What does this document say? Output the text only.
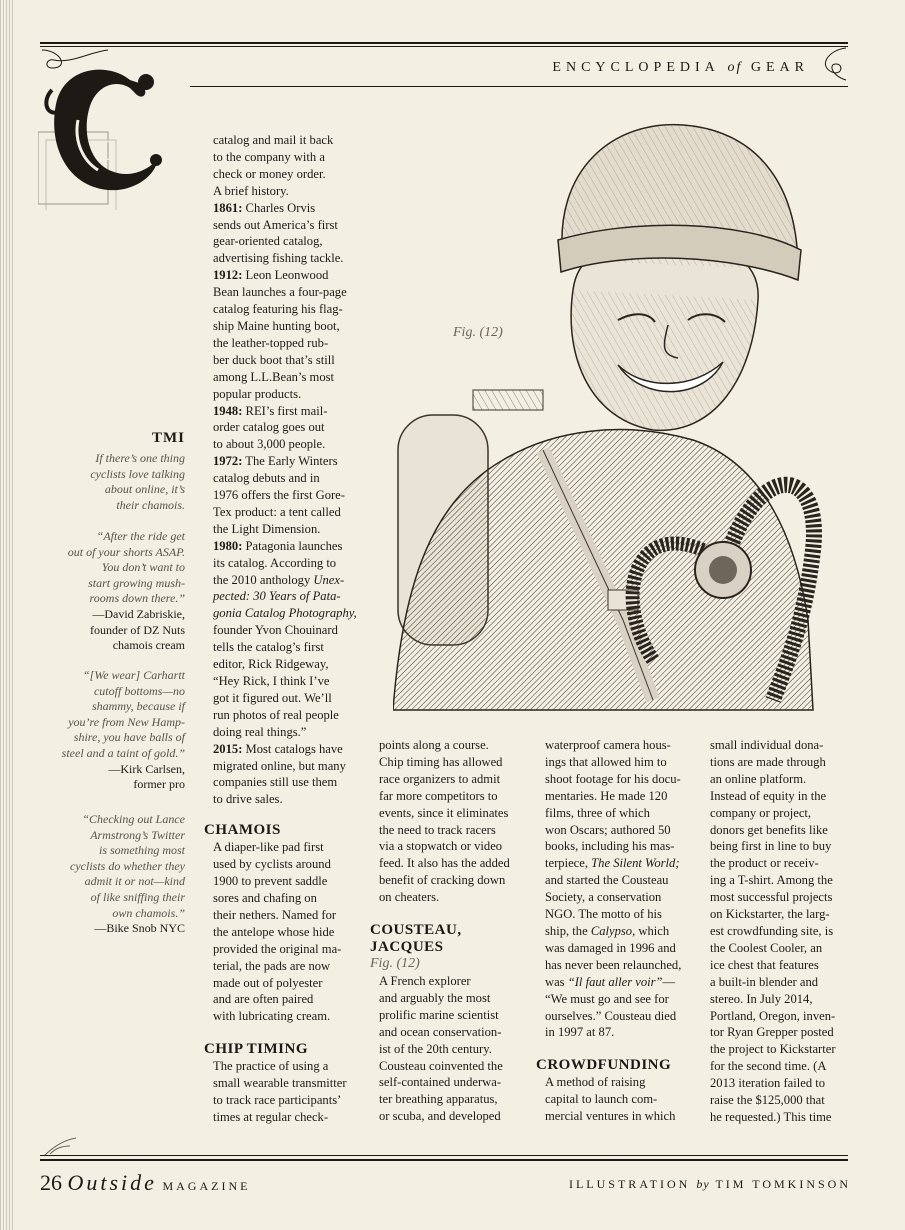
ENCYCLOPEDIA of GEAR
C
Fig. (12)
TMI

If there’s one thing

cyclists love talking

about online, it’s

their chamois.

“After the ride get

out of your shorts ASAP.

You don’t want to

start growing mush-

rooms down there.”

—David Zabriskie,

founder of DZ Nuts

chamois cream

“[We wear] Carhartt

cutoff bottoms—no

shammy, because if

you’re from New Hamp-

shire, you have balls of

steel and a taint of gold.”

—Kirk Carlsen,

former pro

“Checking out Lance

Armstrong’s Twitter

is something most

cyclists do whether they

admit it or not—kind

of like sniffing their

own chamois.”

—Bike Snob NYC

catalog and mail it back

to the company with a

check or money order.

A brief history.

1861: Charles Orvis

sends out America’s first

gear-oriented catalog,

advertising fishing tackle.

1912: Leon Leonwood

Bean launches a four-page

catalog featuring his flag-

ship Maine hunting boot,

the leather-topped rub-

ber duck boot that’s still

among L.L.Bean’s most

popular products.

1948: REI’s first mail-

order catalog goes out

to about 3,000 people.

1972: The Early Winters

catalog debuts and in

1976 offers the first Gore-

Tex product: a tent called

the Light Dimension.

1980: Patagonia launches

its catalog. According to

the 2010 anthology Unex-

pected: 30 Years of Pata-

gonia Catalog Photography,

founder Yvon Chouinard

tells the catalog’s first

editor, Rick Ridgeway,

“Hey Rick, I think I’ve

got it figured out. We’ll

run photos of real people

doing real things.”

2015: Most catalogs have

migrated online, but many

companies still use them

to drive sales.

CHAMOIS

A diaper-like pad first

used by cyclists around

1900 to prevent saddle

sores and chafing on

their nethers. Named for

the antelope whose hide

provided the original ma-

terial, the pads are now

made out of polyester

and are often paired

with lubricating cream.

CHIP TIMING

The practice of using a

small wearable transmitter

to track race participants’

times at regular check-

points along a course.

Chip timing has allowed

race organizers to admit

far more competitors to

events, since it eliminates

the need to track racers

via a stopwatch or video

feed. It also has the added

benefit of cracking down

on cheaters.

COUSTEAU,

JACQUES

Fig. (12)

A French explorer

and arguably the most

prolific marine scientist

and ocean conservation-

ist of the 20th century.

Cousteau coinvented the

self-contained underwa-

ter breathing apparatus,

or scuba, and developed

waterproof camera hous-

ings that allowed him to

shoot footage for his docu-

mentaries. He made 120

films, three of which

won Oscars; authored 50

books, including his mas-

terpiece, The Silent World;

and started the Cousteau

Society, a conservation

NGO. The motto of his

ship, the Calypso, which

was damaged in 1996 and

has never been relaunched,

was “Il faut aller voir”—

“We must go and see for

ourselves.” Cousteau died

in 1997 at 87.

CROWDFUNDING

A method of raising

capital to launch com-

mercial ventures in which

small individual dona-

tions are made through

an online platform.

Instead of equity in the

company or project,

donors get benefits like

being first in line to buy

the product or receiv-

ing a T-shirt. Among the

most successful projects

on Kickstarter, the larg-

est crowdfunding site, is

the Coolest Cooler, an

ice chest that features

a built-in blender and

stereo. In July 2014,

Portland, Oregon, inven-

tor Ryan Grepper posted

the project to Kickstarter

for the second time. (A

2013 iteration failed to

raise the $125,000 that

he requested.) This time

26 Outside MAGAZINE	ILLUSTRATION by TIM TOMKINSON
